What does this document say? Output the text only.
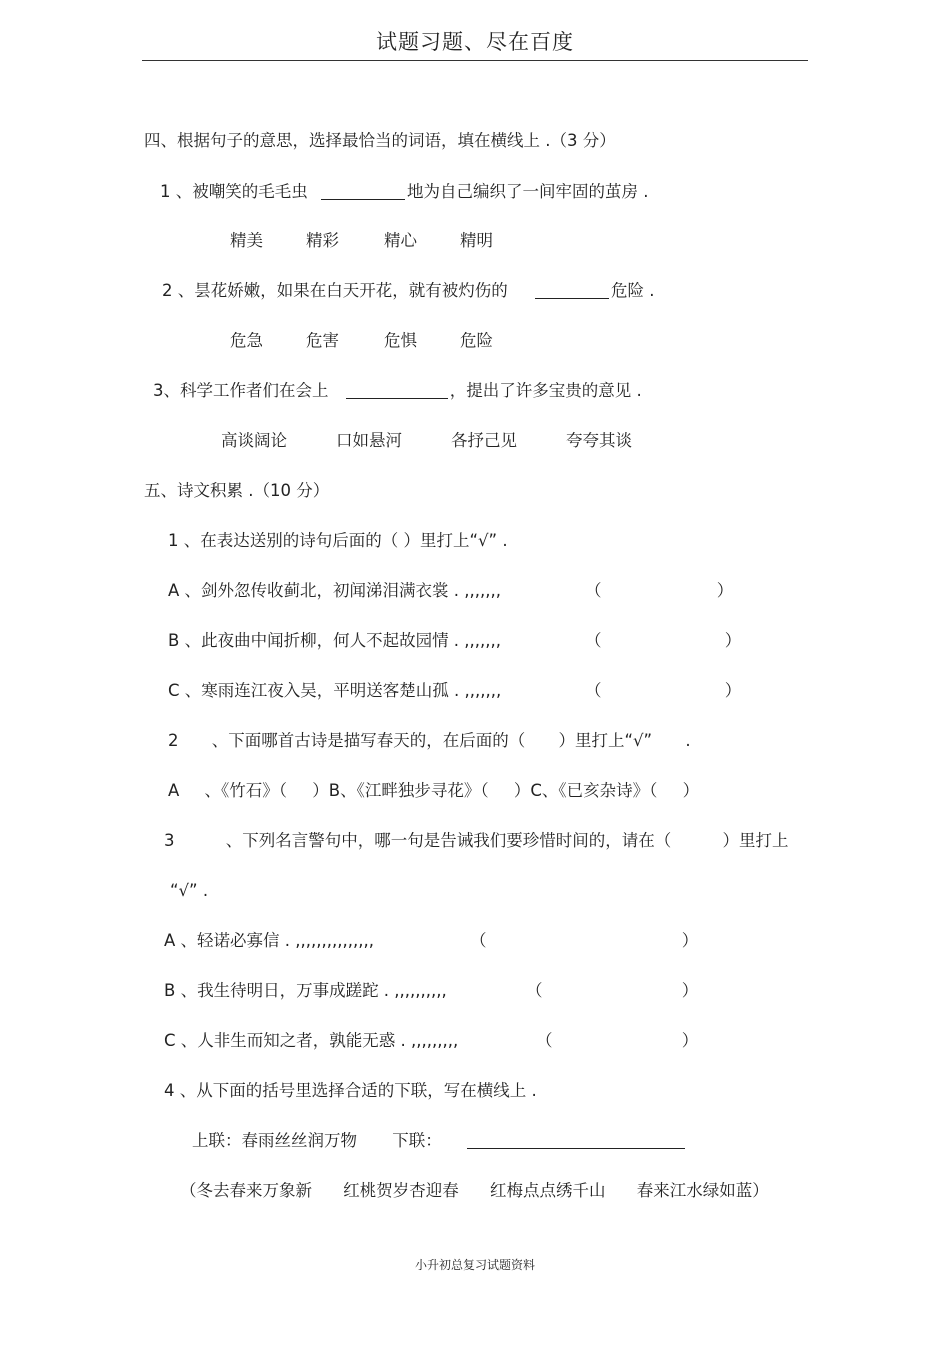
试题习题、尽在百度
四、根据句子的意思，选择最恰当的词语，填在横线上 .（3 分）
1 、被嘲笑的毛毛虫	地为自己编织了一间牢固的茧房 .
精美	精彩	精心	精明
2 、昙花娇嫩，如果在白天开花，就有被灼伤的	危险 .
危急	危害	危惧	危险
3、科学工作者们在会上	，提出了许多宝贵的意见 .
高谈阔论	口如悬河	各抒己见	夸夸其谈
五、诗文积累 .（10 分）
1 、在表达送别的诗句后面的（ ）里打上“√” .
A 、剑外忽传收蓟北，初闻涕泪满衣裳 . ,,,,,,,	（ ）
B 、此夜曲中闻折柳，何人不起故园情 . ,,,,,,,	（ ）
C 、寒雨连江夜入吴，平明送客楚山孤 . ,,,,,,,	（ ）
2 、下面哪首古诗是描写春天的，在后面的（ ）里打上“√” .
A 、《竹石》（ ）B、《江畔独步寻花》（ ）C、《已亥杂诗》（ ）
3 、下列名言警句中，哪一句是告诫我们要珍惜时间的，请在（ ）里打上
“√” .
A 、轻诺必寡信 . ,,,,,,,,,,,,,,,	（ ）
B 、我生待明日，万事成蹉跎 . ,,,,,,,,,,	（ ）
C 、人非生而知之者，孰能无惑 . ,,,,,,,,,	（ ）
4 、从下面的括号里选择合适的下联，写在横线上 .
上联：春雨丝丝润万物 下联：
（冬去春来万象新 红桃贺岁杏迎春 红梅点点绣千山 春来江水绿如蓝）
小升初总复习试题资料
